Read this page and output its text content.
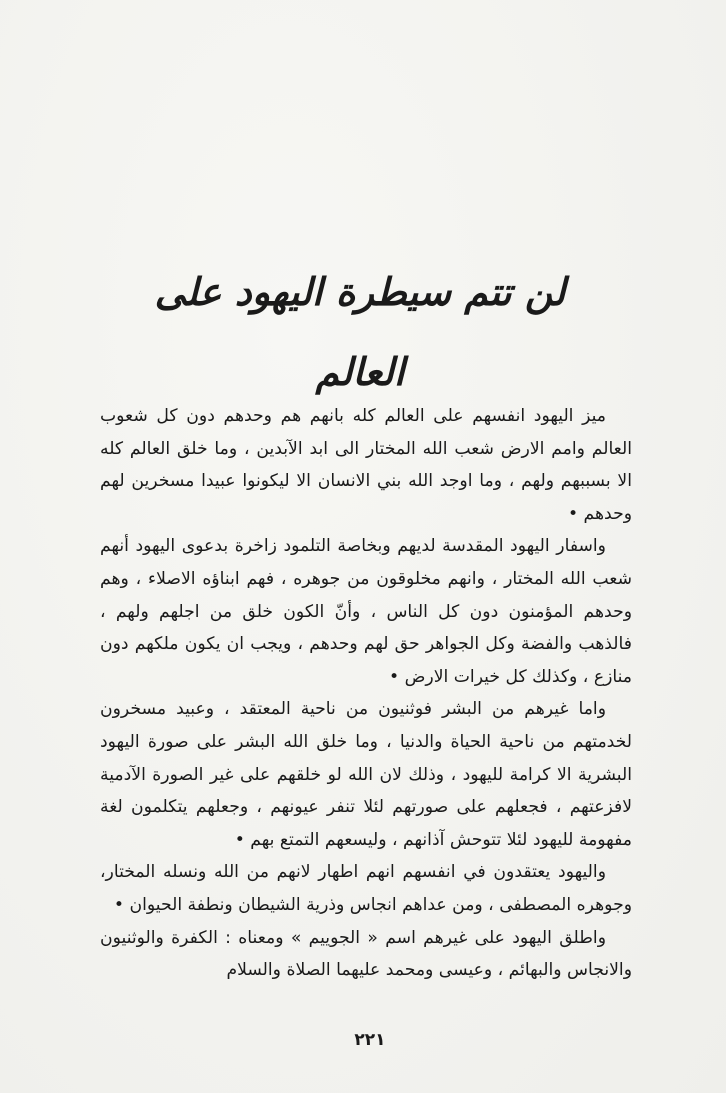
لن تتم سيطرة اليهود على العالم

ميز اليهود انفسهم على العالم كله بانهم هم وحدهم دون كل شعوب العالم وامم الارض شعب الله المختار الى ابد الآبدين ، وما خلق العالم كله الا بسببهم ولهم ، وما اوجد الله بني الانسان الا ليكونوا عبيدا مسخرين لهم وحدهم •

واسفار اليهود المقدسة لديهم وبخاصة التلمود زاخرة بدعوى اليهود أنهم شعب الله المختار ، وانهم مخلوقون من جوهره ، فهم ابناؤه الاصلاء ، وهم وحدهم المؤمنون دون كل الناس ، وأنّ الكون خلق من اجلهم ولهم ، فالذهب والفضة وكل الجواهر حق لهم وحدهم ، ويجب ان يكون ملكهم دون منازع ، وكذلك كل خيرات الارض •

واما غيرهم من البشر فوثنيون من ناحية المعتقد ، وعبيد مسخرون لخدمتهم من ناحية الحياة والدنيا ، وما خلق الله البشر على صورة اليهود البشرية الا كرامة لليهود ، وذلك لان الله لو خلقهم على غير الصورة الآدمية لافزعتهم ، فجعلهم على صورتهم لئلا تنفر عيونهم ، وجعلهم يتكلمون لغة مفهومة لليهود لئلا تتوحش آذانهم ، وليسعهم التمتع بهم •

واليهود يعتقدون في انفسهم انهم اطهار لانهم من الله ونسله المختار، وجوهره المصطفى ، ومن عداهم انجاس وذرية الشيطان ونطفة الحيوان •

واطلق اليهود على غيرهم اسم « الجوييم » ومعناه : الكفرة والوثنيون والانجاس والبهائم ، وعيسى ومحمد عليهما الصلاة والسلام

٢٢١
